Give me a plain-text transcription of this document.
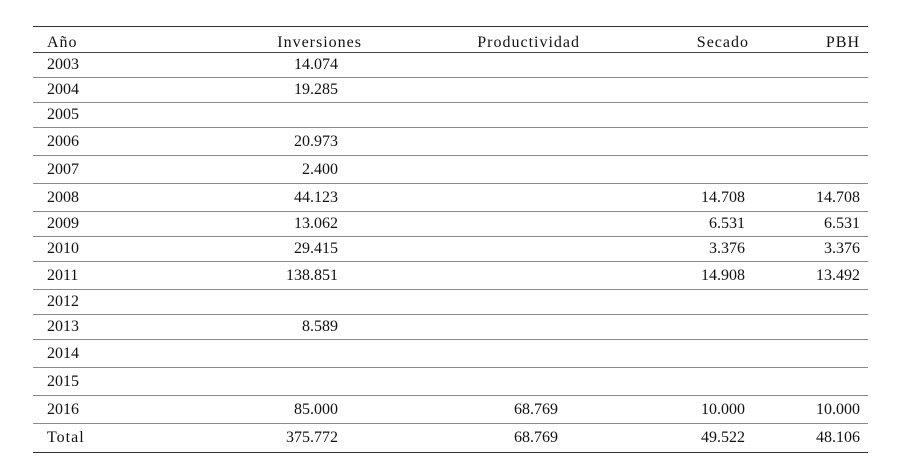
Año	Inversiones	Productividad	Secado	PBH
2003	14.074			
2004	19.285			
2005				
2006	20.973			
2007	2.400			
2008	44.123		14.708	14.708
2009	13.062		6.531	6.531
2010	29.415		3.376	3.376
2011	138.851		14.908	13.492
2012				
2013	8.589			
2014				
2015				
2016	85.000	68.769	10.000	10.000
Total	375.772	68.769	49.522	48.106
